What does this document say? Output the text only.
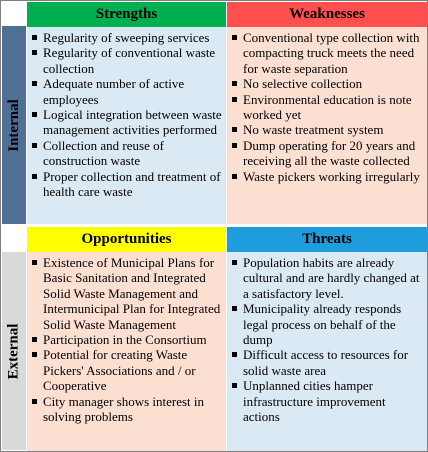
Internal
External
Strengths	Weaknesses
Opportunities	Threats
Regularity of sweeping services
Regularity of conventional waste collection
Adequate number of active employees
Logical integration between waste management activities performed
Collection and reuse of construction waste
Proper collection and treatment of health care waste
Conventional type collection with compacting truck meets the need for waste separation
No selective collection
Environmental education is note worked yet
No waste treatment system
Dump operating for 20 years and receiving all the waste collected
Waste pickers working irregularly
Existence of Municipal Plans for Basic Sanitation and Integrated Solid Waste Management and Intermunicipal Plan for Integrated Solid Waste Management
Participation in the Consortium
Potential for creating Waste Pickers' Associations and / or Cooperative
City manager shows interest in solving problems
Population habits are already cultural and are hardly changed at a satisfactory level.
Municipality already responds legal process on behalf of the dump
Difficult access to resources for solid waste area
Unplanned cities hamper infrastructure improvement actions
